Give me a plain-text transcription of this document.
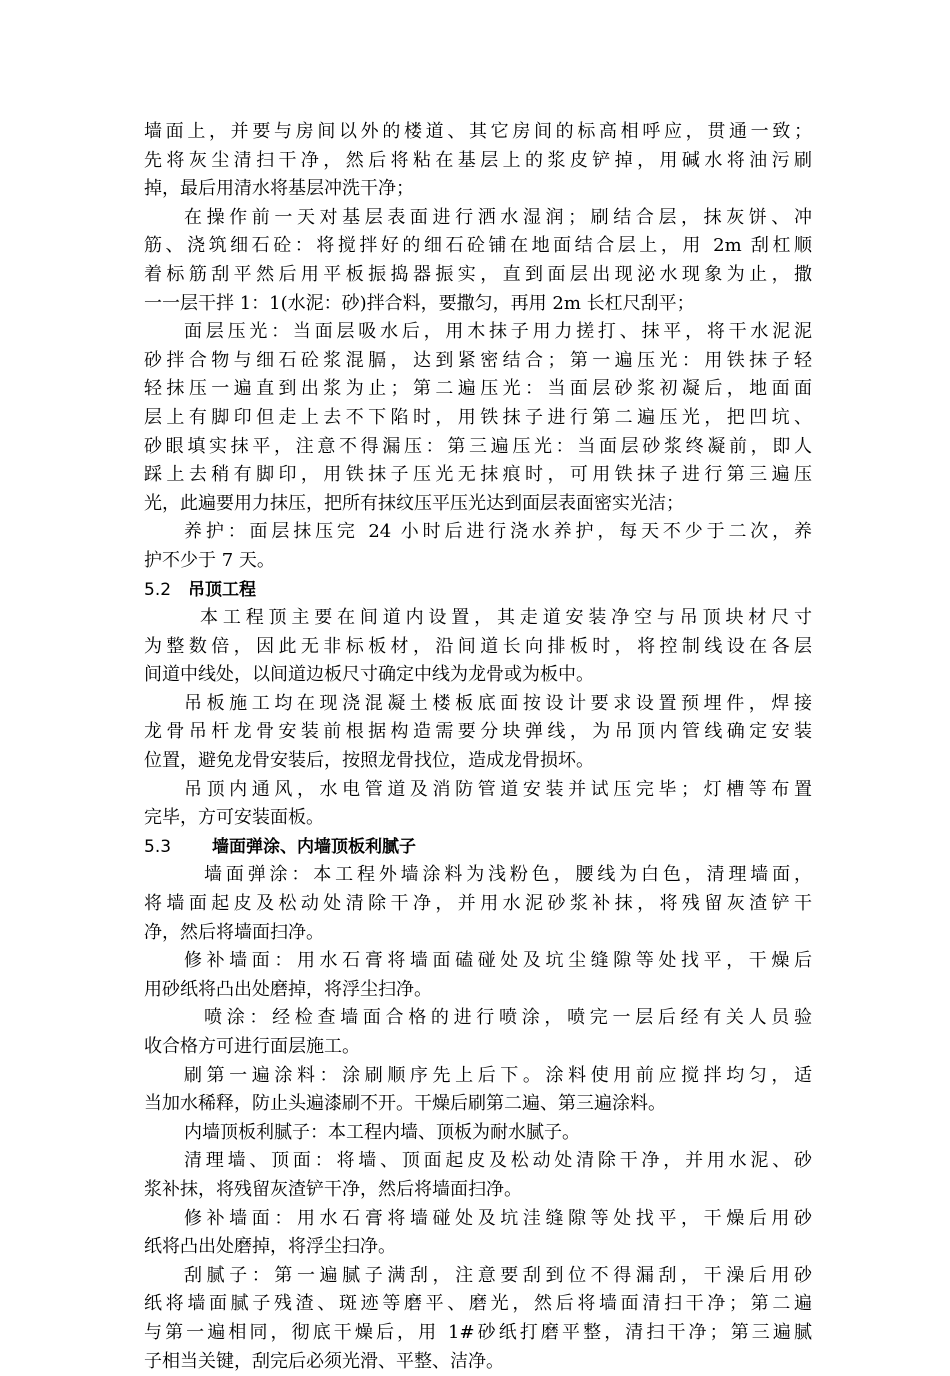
墙面上，并要与房间以外的楼道、其它房间的标高相呼应，贯通一致；
先将灰尘清扫干净，然后将粘在基层上的浆皮铲掉，用碱水将油污刷
掉，最后用清水将基层冲洗干净；
在操作前一天对基层表面进行洒水湿润；刷结合层，抹灰饼、冲
筋、浇筑细石砼：将搅拌好的细石砼铺在地面结合层上，用 2m 刮杠顺
着标筋刮平然后用平板振捣器振实，直到面层出现泌水现象为止，撒
一一层干拌 1：1(水泥：砂)拌合料，要撒匀，再用 2m 长杠尺刮平；
面层压光：当面层吸水后，用木抹子用力搓打、抹平，将干水泥泥
砂拌合物与细石砼浆混膈，达到紧密结合；第一遍压光：用铁抹子轻
轻抹压一遍直到出浆为止；第二遍压光：当面层砂浆初凝后，地面面
层上有脚印但走上去不下陷时，用铁抹子进行第二遍压光，把凹坑、
砂眼填实抹平，注意不得漏压：第三遍压光：当面层砂浆终凝前，即人
踩上去稍有脚印，用铁抹子压光无抹痕时，可用铁抹子进行第三遍压
光，此遍要用力抹压，把所有抹纹压平压光达到面层表面密实光洁；
养护：面层抹压完 24 小时后进行浇水养护，每天不少于二次，养
护不少于 7 天。
5.2 吊顶工程
本工程顶主要在间道内设置，其走道安装净空与吊顶块材尺寸
为整数倍，因此无非标板材，沿间道长向排板时，将控制线设在各层
间道中线处，以间道边板尺寸确定中线为龙骨或为板中。
吊板施工均在现浇混凝土楼板底面按设计要求设置预埋件，焊接
龙骨吊杆龙骨安装前根据构造需要分块弹线，为吊顶内管线确定安装
位置，避免龙骨安装后，按照龙骨找位，造成龙骨损坏。
吊顶内通风，水电管道及消防管道安装并试压完毕；灯槽等布置
完毕，方可安装面板。
5.3 墙面弹涂、内墙顶板利腻子
墙面弹涂：本工程外墙涂料为浅粉色，腰线为白色，清理墙面，
将墙面起皮及松动处清除干净，并用水泥砂浆补抹，将残留灰渣铲干
净，然后将墙面扫净。
修补墙面：用水石膏将墙面磕碰处及坑尘缝隙等处找平，干燥后
用砂纸将凸出处磨掉，将浮尘扫净。
喷涂：经检查墙面合格的进行喷涂，喷完一层后经有关人员验
收合格方可进行面层施工。
刷第一遍涂料：涂刷顺序先上后下。涂料使用前应搅拌均匀，适
当加水稀释，防止头遍漆刷不开。干燥后刷第二遍、第三遍涂料。
内墙顶板利腻子：本工程内墙、顶板为耐水腻子。
清理墙、顶面：将墙、顶面起皮及松动处清除干净，并用水泥、砂
浆补抹，将残留灰渣铲干净，然后将墙面扫净。
修补墙面：用水石膏将墙碰处及坑洼缝隙等处找平，干燥后用砂
纸将凸出处磨掉，将浮尘扫净。
刮腻子：第一遍腻子满刮，注意要刮到位不得漏刮，干澡后用砂
纸将墙面腻子残渣、斑迹等磨平、磨光，然后将墙面清扫干净；第二遍
与第一遍相同，彻底干燥后，用 1#砂纸打磨平整，清扫干净；第三遍腻
子相当关键，刮完后必须光滑、平整、洁净。
